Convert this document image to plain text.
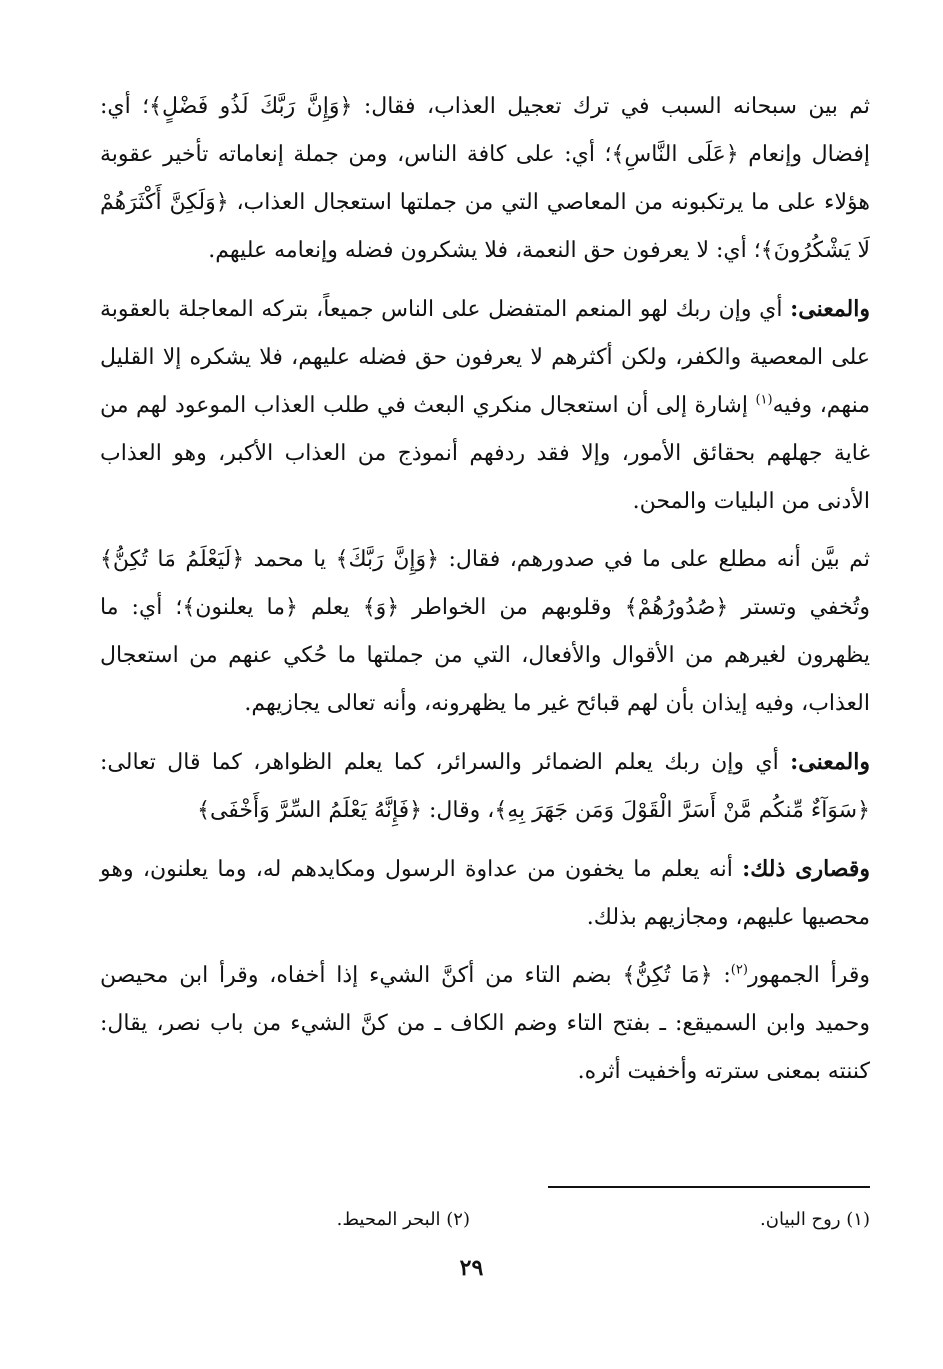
ثم بين سبحانه السبب في ترك تعجيل العذاب، فقال: ﴿وَإِنَّ رَبَّكَ لَذُو فَضْلٍ﴾؛ أي: إفضال وإنعام ﴿عَلَى النَّاسِ﴾؛ أي: على كافة الناس، ومن جملة إنعاماته تأخير عقوبة هؤلاء على ما يرتكبونه من المعاصي التي من جملتها استعجال العذاب، ﴿وَلَكِنَّ أَكْثَرَهُمْ لَا يَشْكُرُونَ﴾؛ أي: لا يعرفون حق النعمة، فلا يشكرون فضله وإنعامه عليهم.

والمعنى: أي وإن ربك لهو المنعم المتفضل على الناس جميعاً، بتركه المعاجلة بالعقوبة على المعصية والكفر، ولكن أكثرهم لا يعرفون حق فضله عليهم، فلا يشكره إلا القليل منهم، وفيه$^{(١)}$ إشارة إلى أن استعجال منكري البعث في طلب العذاب الموعود لهم من غاية جهلهم بحقائق الأمور، وإلا فقد ردفهم أنموذج من العذاب الأكبر، وهو العذاب الأدنى من البليات والمحن.

ثم بيَّن أنه مطلع على ما في صدورهم، فقال: ﴿وَإِنَّ رَبَّكَ﴾ يا محمد ﴿لَيَعْلَمُ مَا تُكِنُّ﴾ وتُخفي وتستر ﴿صُدُورُهُمْ﴾ وقلوبهم من الخواطر ﴿وَ﴾ يعلم ﴿ما يعلنون﴾؛ أي: ما يظهرون لغيرهم من الأقوال والأفعال، التي من جملتها ما حُكي عنهم من استعجال العذاب، وفيه إيذان بأن لهم قبائح غير ما يظهرونه، وأنه تعالى يجازيهم.

والمعنى: أي وإن ربك يعلم الضمائر والسرائر، كما يعلم الظواهر، كما قال تعالى: ﴿سَوَآءٌ مِّنكُم مَّنْ أَسَرَّ الْقَوْلَ وَمَن جَهَرَ بِهِ﴾، وقال: ﴿فَإِنَّهُ يَعْلَمُ السِّرَّ وَأَخْفَى﴾

وقصارى ذلك: أنه يعلم ما يخفون من عداوة الرسول ومكايدهم له، وما يعلنون، وهو محصيها عليهم، ومجازيهم بذلك.

وقرأ الجمهور$^{(٢)}$: ﴿مَا تُكِنُّ﴾ بضم التاء من أكنَّ الشيء إذا أخفاه، وقرأ ابن محيصن وحميد وابن السميقع: ـ بفتح التاء وضم الكاف ـ من كنَّ الشيء من باب نصر، يقال: كننته بمعنى سترته وأخفيت أثره.

(١) روح البيان.
(٢) البحر المحيط.
٢٩
